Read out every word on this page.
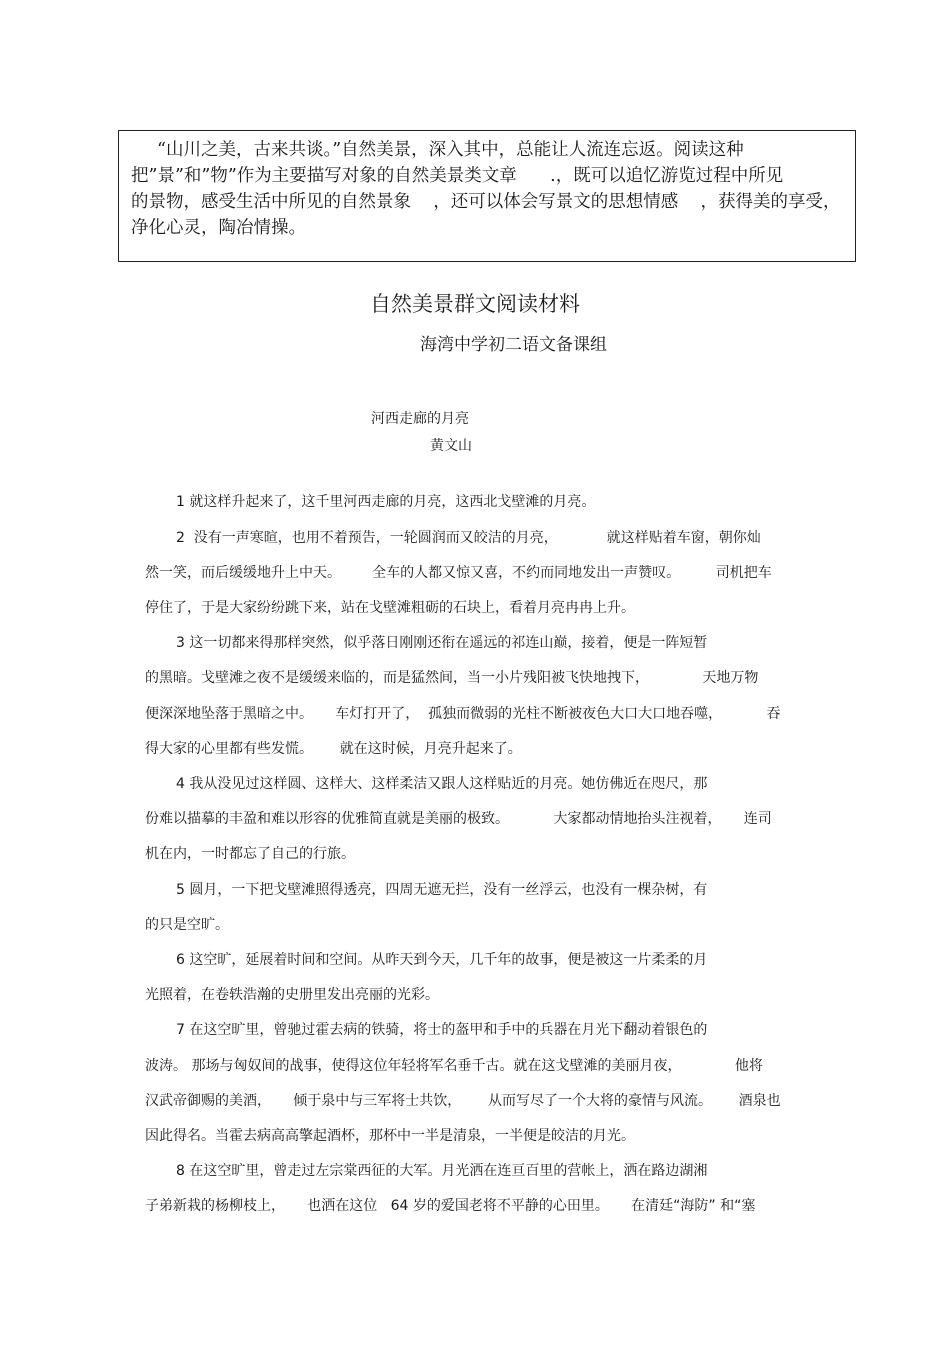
“山川之美，古来共谈。”自然美景，深入其中，总能让人流连忘返。阅读这种
把”景”和”物”作为主要描写对象的自然美景类文章      .，既可以追忆游览过程中所见
的景物，感受生活中所见的自然景象    ，还可以体会写景文的思想情感    ，获得美的享受，
净化心灵，陶冶情操。
自然美景群文阅读材料
海湾中学初二语文备课组
河西走廊的月亮
黄文山
1 就这样升起来了，这千里河西走廊的月亮，这西北戈壁滩的月亮。
2  没有一声寒暄，也用不着预告，一轮圆润而又皎洁的月亮，           就这样贴着车窗，朝你灿
然一笑，而后缓缓地升上中天。       全车的人都又惊又喜，不约而同地发出一声赞叹。        司机把车
停住了，于是大家纷纷跳下来，站在戈壁滩粗砺的石块上，看着月亮冉冉上升。
3 这一切都来得那样突然，似乎落日刚刚还衔在遥远的祁连山巅，接着，便是一阵短暂
的黑暗。戈壁滩之夜不是缓缓来临的，而是猛然间，当一小片残阳被飞快地拽下，            天地万物
便深深地坠落于黑暗之中。     车灯打开了，  孤独而微弱的光柱不断被夜色大口大口地吞噬，          吞
得大家的心里都有些发慌。      就在这时候，月亮升起来了。
4 我从没见过这样圆、这样大、这样柔洁又跟人这样贴近的月亮。她仿佛近在咫尺，那
份难以描摹的丰盈和难以形容的优雅简直就是美丽的极致。          大家都动情地抬头注视着，     连司
机在内，一时都忘了自己的行旅。
5 圆月，一下把戈壁滩照得透亮，四周无遮无拦，没有一丝浮云，也没有一棵杂树，有
的只是空旷。
6 这空旷，延展着时间和空间。从昨天到今天，几千年的故事，便是被这一片柔柔的月
光照着，在卷轶浩瀚的史册里发出亮丽的光彩。
7 在这空旷里，曾驰过霍去病的铁骑，将士的盔甲和手中的兵器在月光下翻动着银色的
波涛。 那场与匈奴间的战事，使得这位年轻将军名垂千古。就在这戈壁滩的美丽月夜，            他将
汉武帝御赐的美酒，     倾于泉中与三军将士共饮，      从而写尽了一个大将的豪情与风流。      酒泉也
因此得名。当霍去病高高擎起酒杯，那杯中一半是清泉，一半便是皎洁的月光。
8 在这空旷里，曾走过左宗棠西征的大军。月光洒在连亘百里的营帐上，洒在路边湖湘
子弟新栽的杨柳枝上，     也洒在这位   64 岁的爱国老将不平静的心田里。     在清廷“海防” 和“塞
